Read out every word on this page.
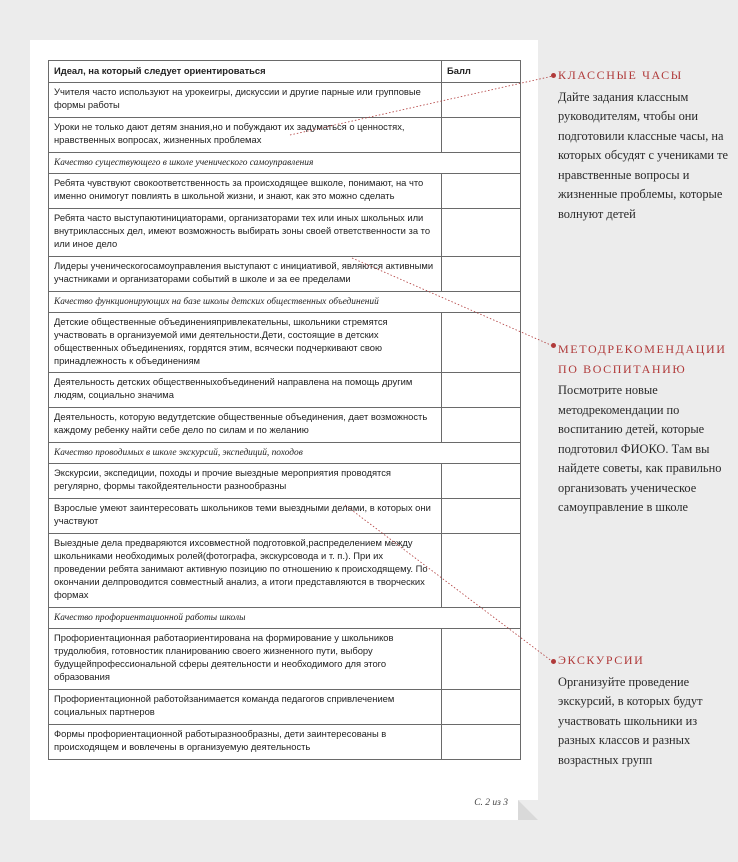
Идеал, на который следует ориентироваться	Балл
Учителя часто используют на урокеигры, дискуссии и другие парные или групповые формы работы	
Уроки не только дают детям знания,но и побуждают их задуматься о ценностях, нравственных вопросах, жизненных проблемах	
Качество существующего в школе ученического самоуправления	
Ребята чувствуют свокоответственность за происходящее вшколе, понимают, на что именно онимогут повлиять в школьной жизни, и знают, как это можно сделать	
Ребята часто выступаютинициаторами, организаторами тех или иных школьных или внутриклассных дел, имеют возможность выбирать зоны своей ответственности за то или иное дело	
Лидеры ученическогосамоуправления выступают с инициативой, являются активными участниками и организаторами событий в школе и за ее пределами	
Качество функционирующих на базе школы детских общественных объединений	
Детские общественные объединенияпривлекательны, школьники стремятся участвовать в организуемой ими деятельности.Дети, состоящие в детских общественных объединениях, гордятся этим, всячески подчеркивают свою принадлежность к объединениям	
Деятельность детских общественныхобъединений направлена на помощь другим людям, социально значима	
Деятельность, которую ведутдетские общественные объединения, дает возможность каждому ребенку найти себе дело по силам и по желанию	
Качество проводимых в школе экскурсий, экспедиций, походов	
Экскурсии, экспедиции, походы и прочие выездные мероприятия проводятся регулярно, формы такойдеятельности разнообразны	
Взрослые умеют заинтересовать школьников теми выездными делами, в которых они участвуют	
Выездные дела предваряются ихсовместной подготовкой,распределением между школьниками необходимых ролей(фотографа, экскурсовода и т. п.). При их проведении ребята занимают активную позицию по отношению к происходящему. По окончании делпроводится совместный анализ, а итоги представляются в творческих формах	
Качество профориентационной работы школы	
Профориентационная работаориентирована на формирование у школьников трудолюбия, готовностик планированию своего жизненного пути, выбору будущейпрофессиональной сферы деятельности и необходимого для этого образования	
Профориентационной работойзанимается команда педагогов спривлечением социальных партнеров	
Формы профориентационной работыразнообразны, дети заинтересованы в происходящем и вовлечены в организуемую деятельность	
С. 2 из 3
КЛАССНЫЕ ЧАСЫ
Дайте задания классным руководителям, чтобы они подготовили классные часы, на которых обсудят с учениками те нравственные вопросы и жизненные проблемы, которые волнуют детей
МЕТОДРЕКОМЕНДАЦИИ ПО ВОСПИТАНИЮ
Посмотрите новые методрекомендации по воспитанию детей, которые подготовил ФИОКО. Там вы найдете советы, как правильно организовать ученическое самоуправление в школе
ЭКСКУРСИИ
Организуйте проведение экскурсий, в которых будут участвовать школьники из разных классов и разных возрастных групп
